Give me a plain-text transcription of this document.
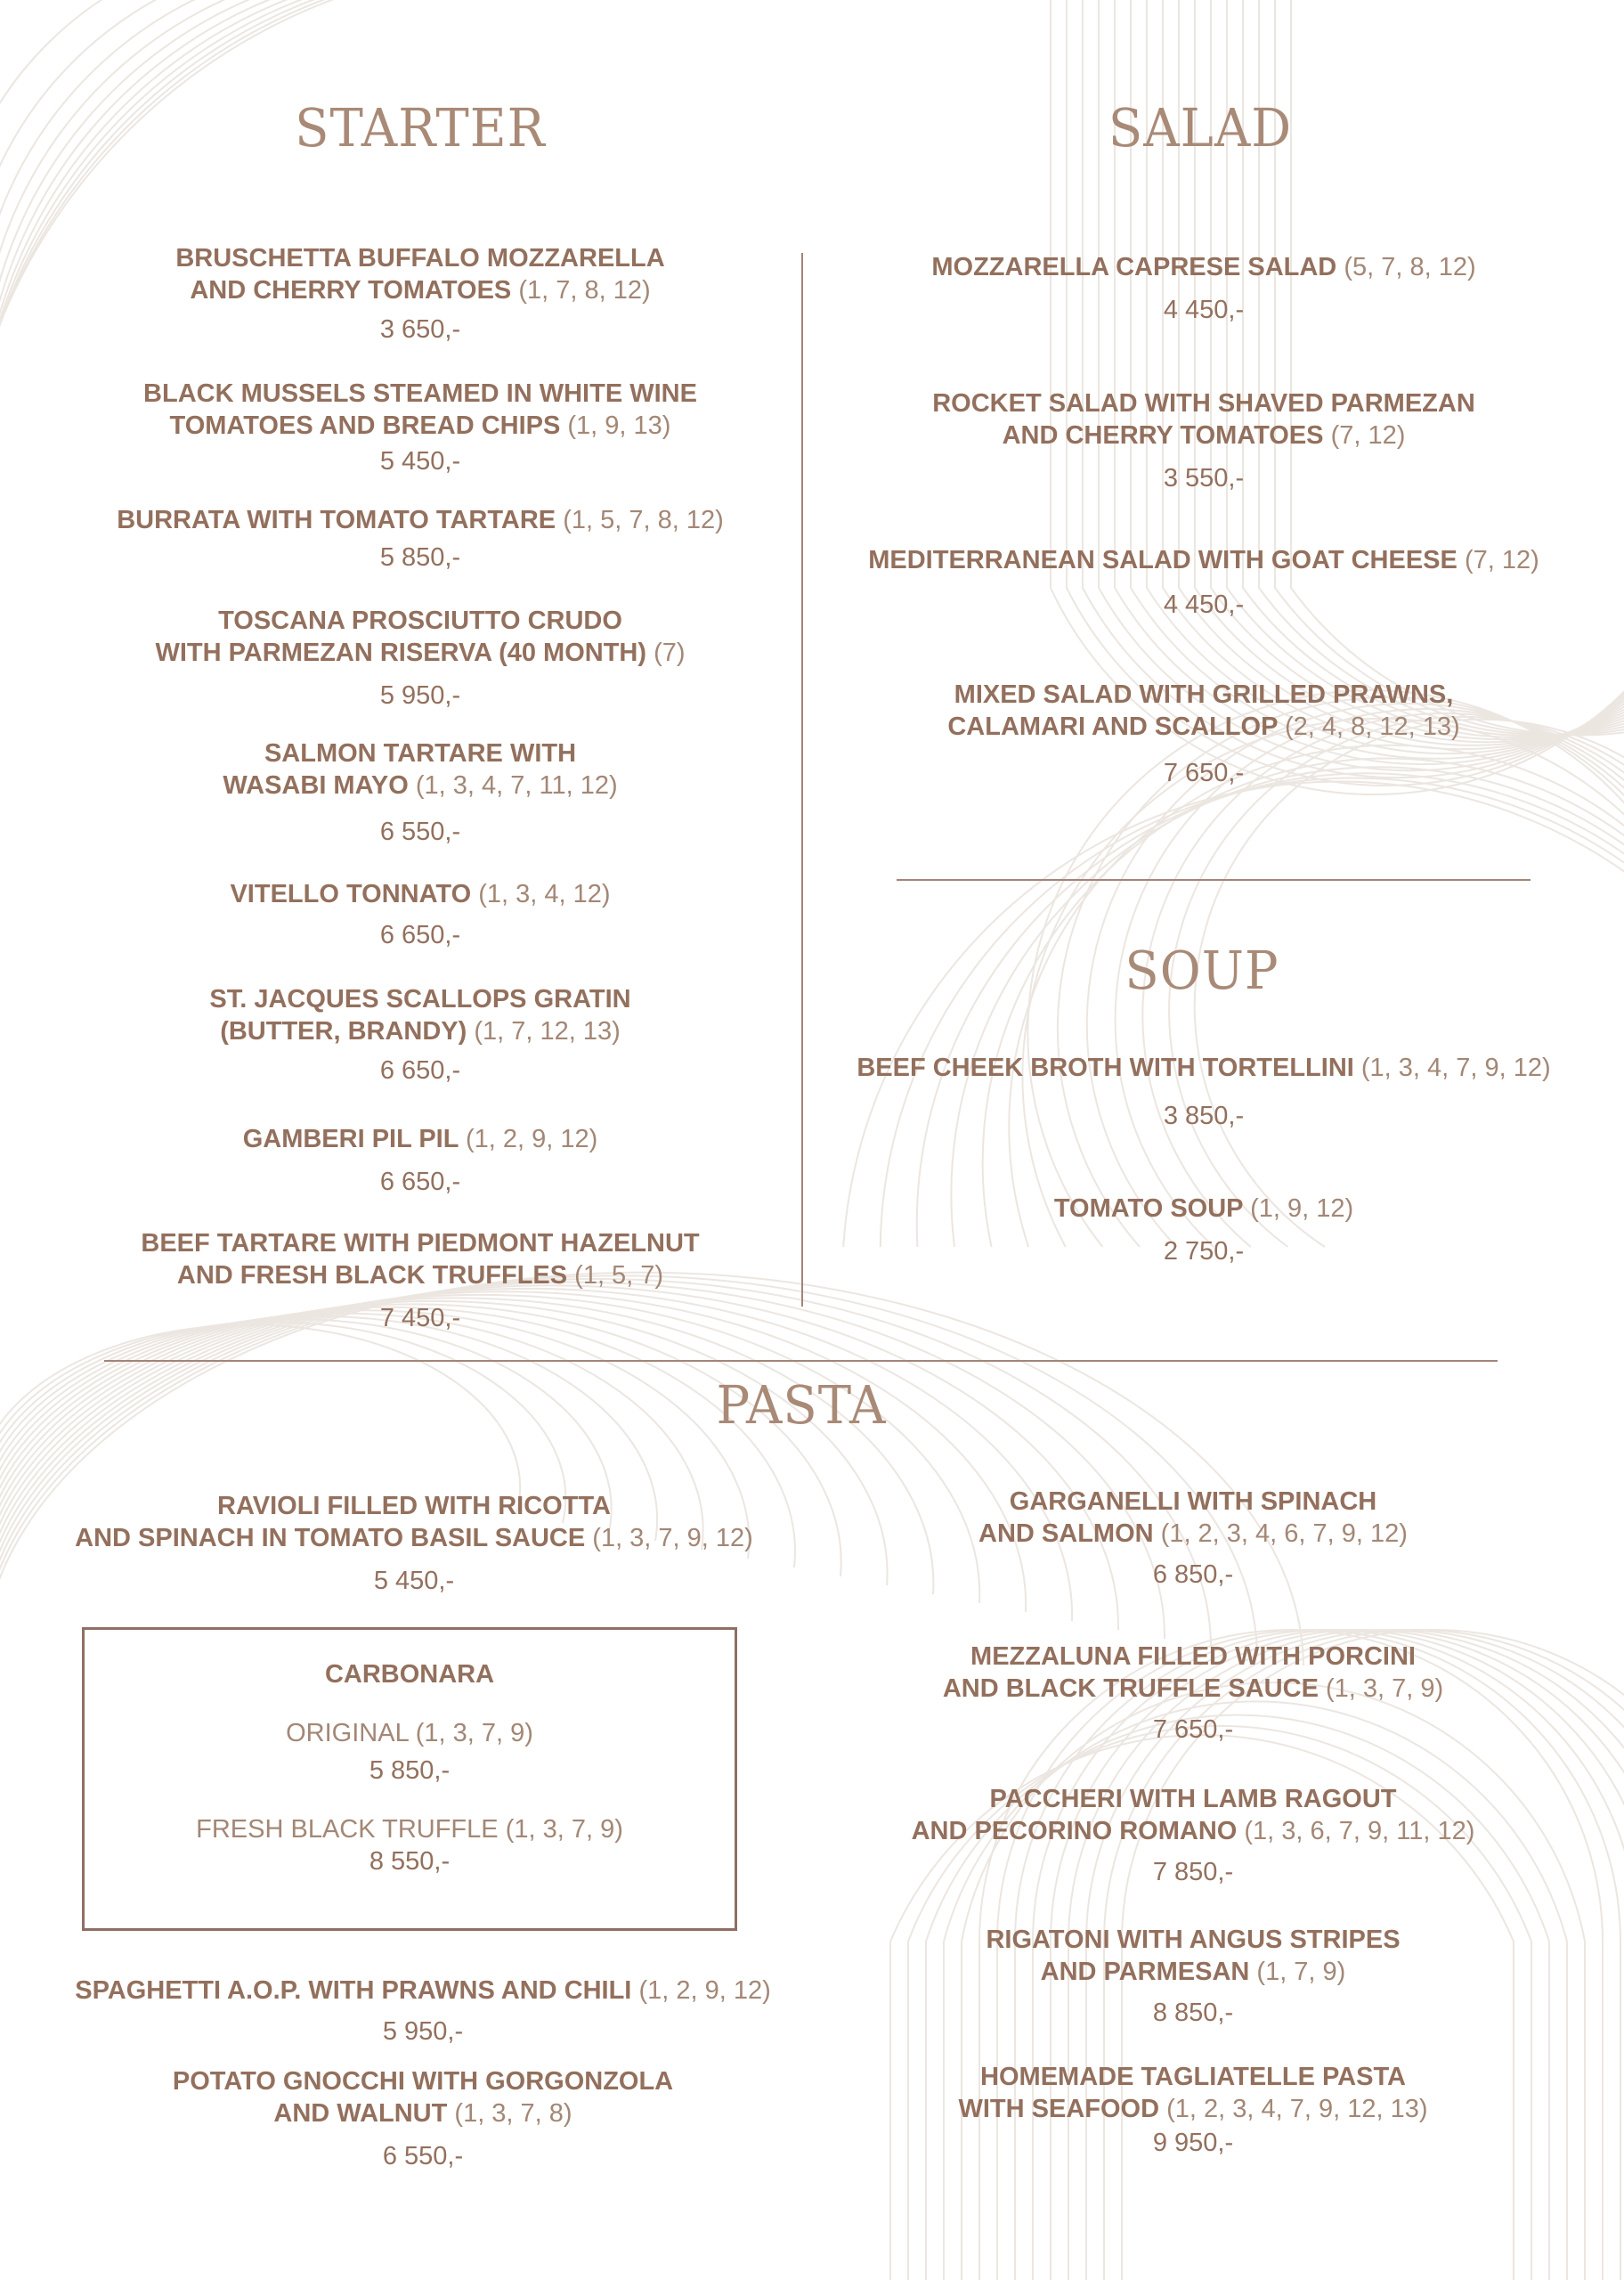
STARTER	SALAD
SOUP
PASTA
BRUSCHETTA BUFFALO MOZZARELLA
AND CHERRY TOMATOES (1, 7, 8, 12)
3 650,-
BLACK MUSSELS STEAMED IN WHITE WINE
TOMATOES AND BREAD CHIPS (1, 9, 13)
5 450,-
BURRATA WITH TOMATO TARTARE (1, 5, 7, 8, 12)
5 850,-
TOSCANA PROSCIUTTO CRUDO
WITH PARMEZAN RISERVA (40 MONTH) (7)
5 950,-
SALMON TARTARE WITH
WASABI MAYO (1, 3, 4, 7, 11, 12)
6 550,-
VITELLO TONNATO (1, 3, 4, 12)
6 650,-
ST. JACQUES SCALLOPS GRATIN
(BUTTER, BRANDY) (1, 7, 12, 13)
6 650,-
GAMBERI PIL PIL (1, 2, 9, 12)
6 650,-
BEEF TARTARE WITH PIEDMONT HAZELNUT
AND FRESH BLACK TRUFFLES (1, 5, 7)
7 450,-
MOZZARELLA CAPRESE SALAD (5, 7, 8, 12)
4 450,-
ROCKET SALAD WITH SHAVED PARMEZAN
AND CHERRY TOMATOES (7, 12)
3 550,-
MEDITERRANEAN SALAD WITH GOAT CHEESE (7, 12)
4 450,-
MIXED SALAD WITH GRILLED PRAWNS,
CALAMARI AND SCALLOP (2, 4, 8, 12, 13)
7 650,-
BEEF CHEEK BROTH WITH TORTELLINI (1, 3, 4, 7, 9, 12)
3 850,-
TOMATO SOUP (1, 9, 12)
2 750,-
RAVIOLI FILLED WITH RICOTTA
AND SPINACH IN TOMATO BASIL SAUCE (1, 3, 7, 9, 12)
5 450,-
CARBONARA
ORIGINAL (1, 3, 7, 9)
5 850,-
FRESH BLACK TRUFFLE (1, 3, 7, 9)
8 550,-
SPAGHETTI A.O.P. WITH PRAWNS AND CHILI (1, 2, 9, 12)
5 950,-
POTATO GNOCCHI WITH GORGONZOLA
AND WALNUT (1, 3, 7, 8)
6 550,-
GARGANELLI WITH SPINACH
AND SALMON (1, 2, 3, 4, 6, 7, 9, 12)
6 850,-
MEZZALUNA FILLED WITH PORCINI
AND BLACK TRUFFLE SAUCE (1, 3, 7, 9)
7 650,-
PACCHERI WITH LAMB RAGOUT
AND PECORINO ROMANO (1, 3, 6, 7, 9, 11, 12)
7 850,-
RIGATONI WITH ANGUS STRIPES
AND PARMESAN (1, 7, 9)
8 850,-
HOMEMADE TAGLIATELLE PASTA
WITH SEAFOOD (1, 2, 3, 4, 7, 9, 12, 13)
9 950,-
